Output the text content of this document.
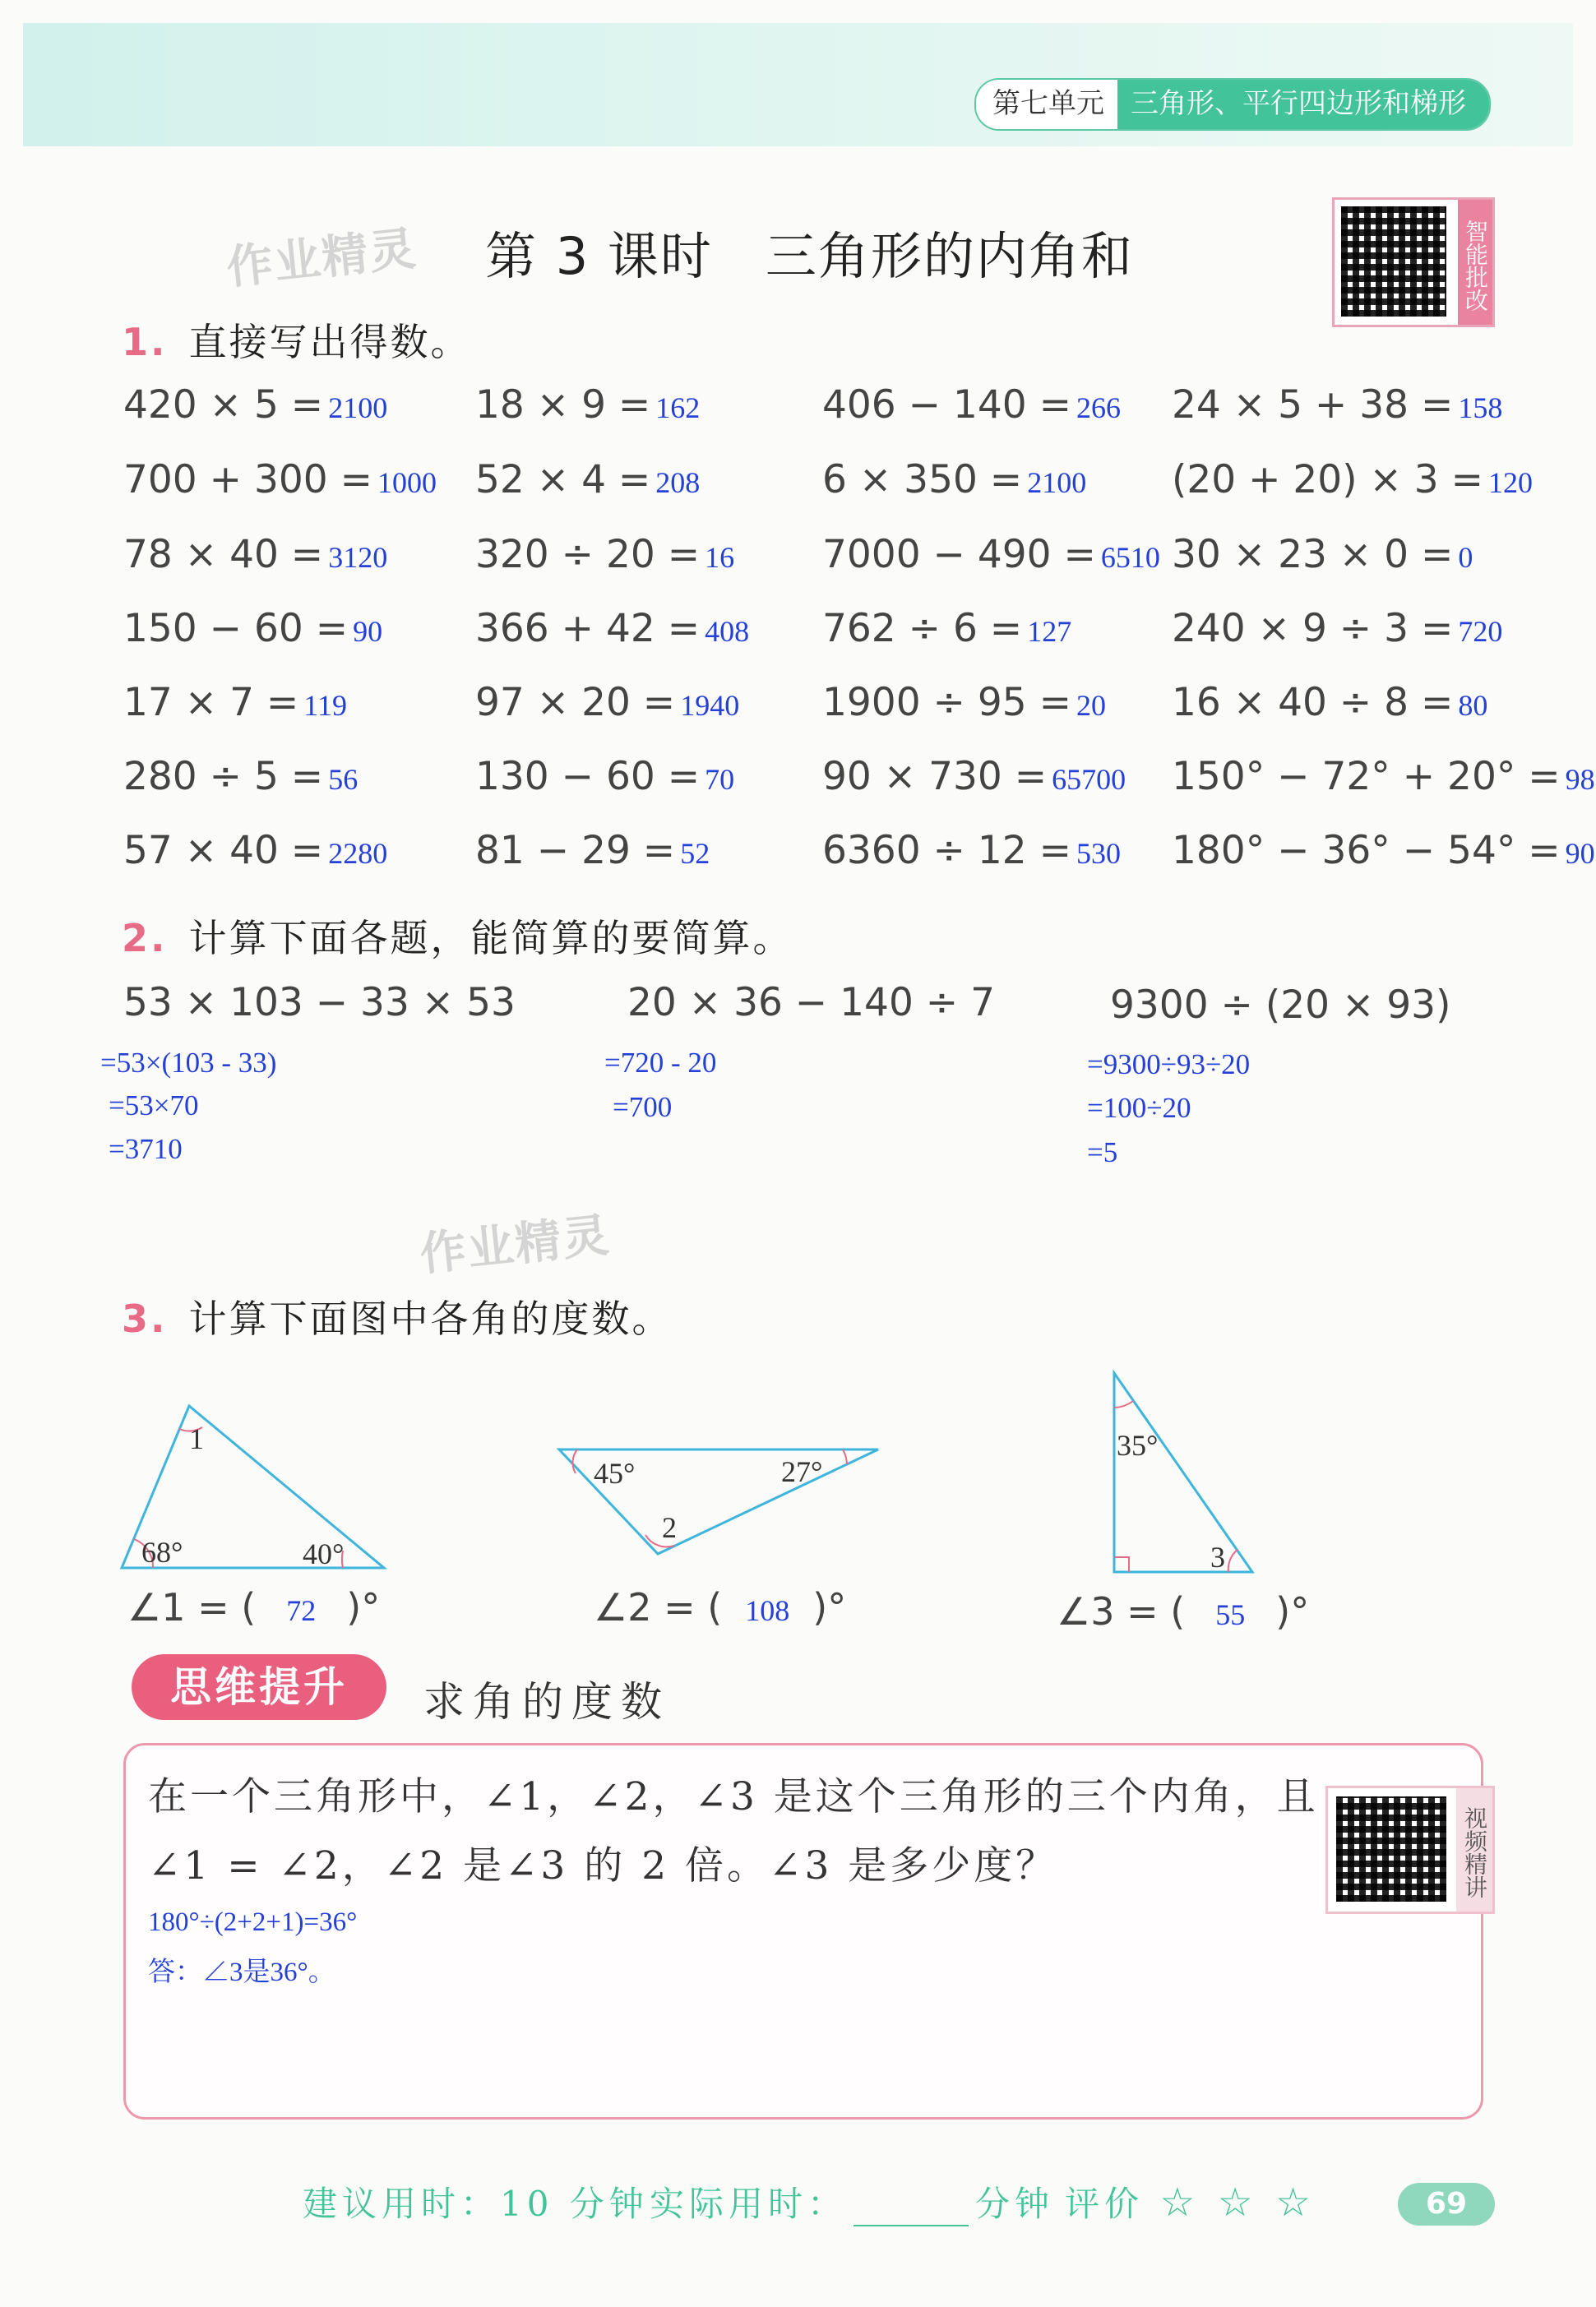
第七单元 三角形、平行四边形和梯形
作业精灵 第 3 课时　三角形的内角和	智能批改
1. 直接写出得数。
420 × 5 = 2100 18 × 9 = 162	406 − 140 = 266 24 × 5 + 38 = 158
700 + 300 = 1000 52 × 4 = 208	6 × 350 = 2100 (20 + 20) × 3 = 120
78 × 40 = 3120 320 ÷ 20 = 16 7000 − 490 = 6510 30 × 23 × 0 = 0
150 − 60 = 90 366 + 42 = 408 762 ÷ 6 = 127	240 × 9 ÷ 3 = 720
17 × 7 = 119	97 × 20 = 1940 1900 ÷ 95 = 20 16 × 40 ÷ 8 = 80
280 ÷ 5 = 56	130 − 60 = 70 90 × 730 = 65700 150° − 72° + 20° = 98
57 × 40 = 2280 81 − 29 = 52	6360 ÷ 12 = 530 180° − 36° − 54° = 90
2. 计算下面各题，能简算的要简算。
53 × 103 − 33 × 53
=53×(103 - 33)
=53×70
=3710
20 × 36 − 140 ÷ 7
=720 - 20
=700
9300 ÷ (20 × 93)
=9300÷93÷20
=100÷20
=5
作业精灵
3. 计算下面图中各角的度数。
1
68°	40°
45°	27°
2
35°
3
∠1 = ( 72 )°	∠2 = ( 108 )°	∠3 = ( 55 )°
思维提升	求角的度数
在一个三角形中，∠1，∠2，∠3 是这个三角形的三个内角，且
∠1 = ∠2，∠2 是∠3 的 2 倍。∠3 是多少度？
180°÷(2+2+1)=36°
答：∠3是36°。
视频精讲
建议用时：10 分钟 实际用时：	分钟 评价 ☆ ☆ ☆	69
